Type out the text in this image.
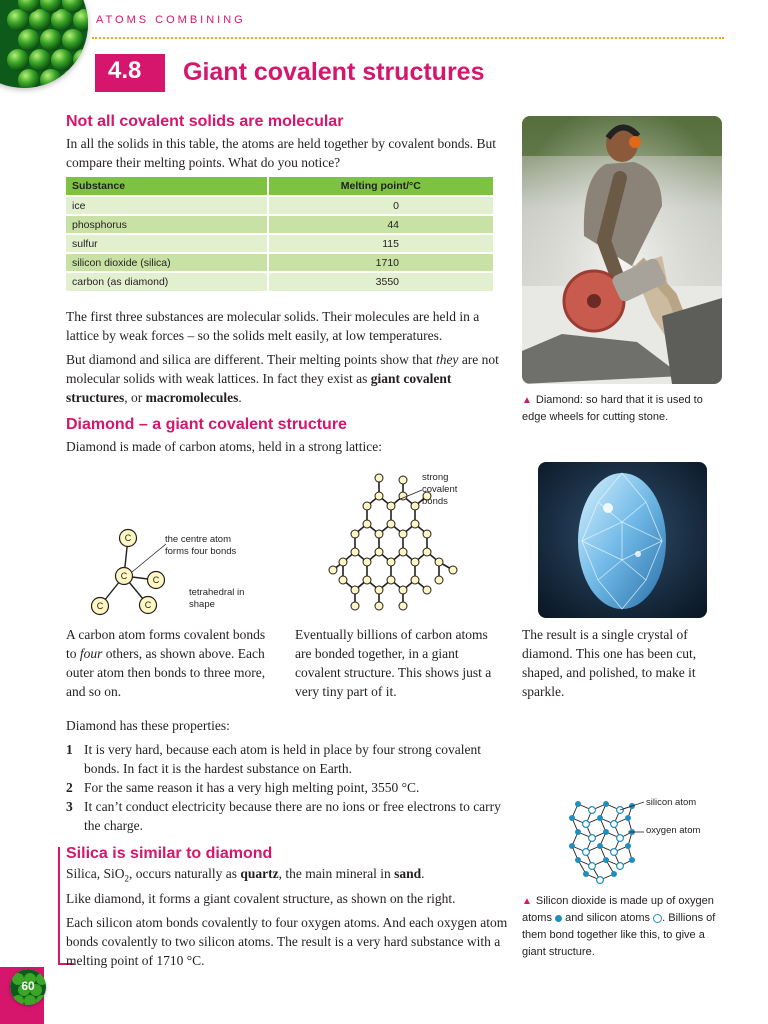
ATOMS COMBINING
4.8 Giant covalent structures
Not all covalent solids are molecular

In all the solids in this table, the atoms are held together by covalent bonds. But compare their melting points. What do you notice?

Substance	Melting point/°C
ice	0
phosphorus	44
sulfur	115
silicon dioxide (silica)	1710
carbon (as diamond)	3550

The first three substances are molecular solids. Their molecules are held in a lattice by weak forces – so the solids melt easily, at low temperatures.

But diamond and silica are different. Their melting points show that they are not molecular solids with weak lattices. In fact they exist as giant covalent structures, or macromolecules.	▲ Diamond: so hard that it is used to edge wheels for cutting stone.
Diamond – a giant covalent structure

Diamond is made of carbon atoms, held in a strong lattice:

C
C	C
C
C
the centre atom forms four bonds
tetrahedral in shape
strong covalent bonds
A carbon atom forms covalent bonds to four others, as shown above. Each outer atom then bonds to three more, and so on.
Eventually billions of carbon atoms are bonded together, in a giant covalent structure. This shows just a very tiny part of it.
The result is a single crystal of diamond. This one has been cut, shaped, and polished, to make it sparkle.

Diamond has these properties:

1 It is very hard, because each atom is held in place by four strong covalent bonds. In fact it is the hardest substance on Earth.
2 For the same reason it has a very high melting point, 3550 °C.
3 It can’t conduct electricity because there are no ions or free electrons to carry the charge.
Silica is similar to diamond

Silica, SiO$_2$, occurs naturally as quartz, the main mineral in sand.

Like diamond, it forms a giant covalent structure, as shown on the right.

Each silicon atom bonds covalently to four oxygen atoms. And each oxygen atom bonds covalently to two silicon atoms. The result is a very hard substance with a melting point of 1710 °C.

silicon atom
oxygen atom
▲ Silicon dioxide is made up of oxygen atoms  and silicon atoms . Billions of them bond together like this, to give a giant structure.
60
